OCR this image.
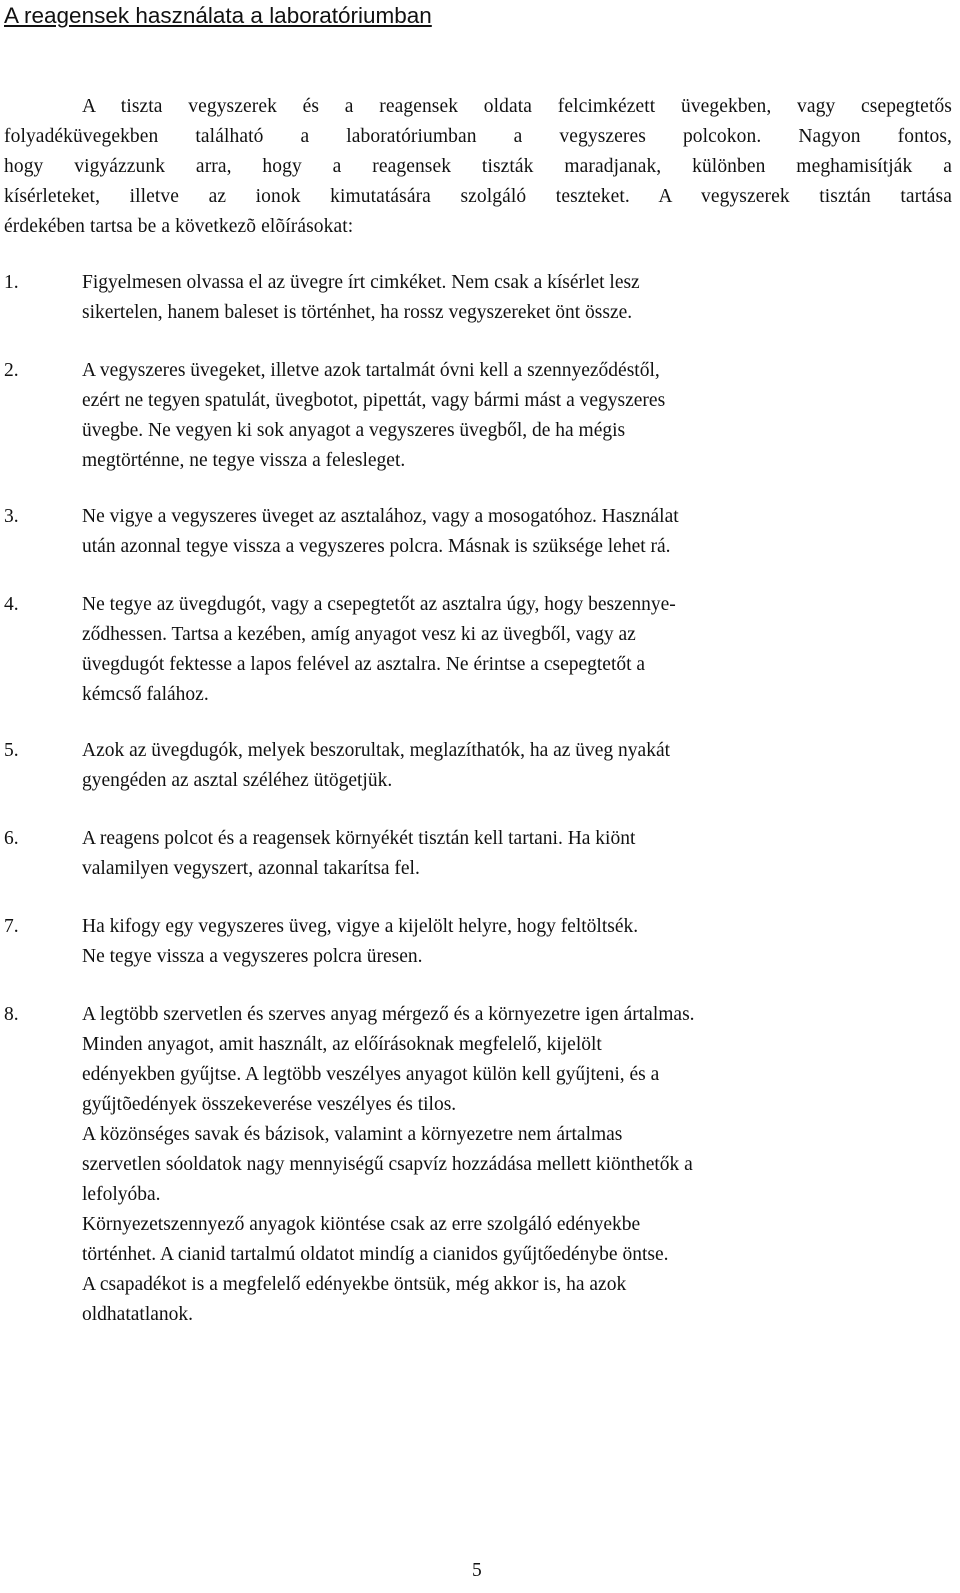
A reagensek használata a laboratóriumban

A tiszta vegyszerek és a reagensek oldata felcimkézett üvegekben, vagy csepegtetős
folyadéküvegekben található a laboratóriumban a vegyszeres polcokon. Nagyon fontos,
hogy vigyázzunk arra, hogy a reagensek tiszták maradjanak, különben meghamisítják a
kísérleteket, illetve az ionok kimutatására szolgáló teszteket. A vegyszerek tisztán tartása
érdekében tartsa be a következõ elõírásokat:

1.	Figyelmesen olvassa el az üvegre írt cimkéket. Nem csak a kísérlet lesz
sikertelen, hanem baleset is történhet, ha rossz vegyszereket önt össze.
2.	A vegyszeres üvegeket, illetve azok tartalmát óvni kell a szennyeződéstől,
ezért ne tegyen spatulát, üvegbotot, pipettát, vagy bármi mást a vegyszeres
üvegbe. Ne vegyen ki sok anyagot a vegyszeres üvegből, de ha mégis
megtörténne, ne tegye vissza a felesleget.
3.	Ne vigye a vegyszeres üveget az asztalához, vagy a mosogatóhoz. Használat
után azonnal tegye vissza a vegyszeres polcra. Másnak is szüksége lehet rá.
4.	Ne tegye az üvegdugót, vagy a csepegtetőt az asztalra úgy, hogy beszennye-
ződhessen. Tartsa a kezében, amíg anyagot vesz ki az üvegből, vagy az
üvegdugót fektesse a lapos felével az asztalra. Ne érintse a csepegtetőt a
kémcső falához.
5.	Azok az üvegdugók, melyek beszorultak, meglazíthatók, ha az üveg nyakát
gyengéden az asztal széléhez ütögetjük.
6.	A reagens polcot és a reagensek környékét tisztán kell tartani. Ha kiönt
valamilyen vegyszert, azonnal takarítsa fel.
7.	Ha kifogy egy vegyszeres üveg, vigye a kijelölt helyre, hogy feltöltsék.
Ne tegye vissza a vegyszeres polcra üresen.
8.	A legtöbb szervetlen és szerves anyag mérgező és a környezetre igen ártalmas.
Minden anyagot, amit használt, az előírásoknak megfelelő, kijelölt
edényekben gyűjtse. A legtöbb veszélyes anyagot külön kell gyűjteni, és a
gyűjtõedények összekeverése veszélyes és tilos.
A közönséges savak és bázisok, valamint a környezetre nem ártalmas
szervetlen sóoldatok nagy mennyiségű csapvíz hozzádása mellett kiönthetők a
lefolyóba.
Környezetszennyező anyagok kiöntése csak az erre szolgáló edényekbe
történhet. A cianid tartalmú oldatot mindíg a cianidos gyűjtőedénybe öntse.
A csapadékot is a megfelelő edényekbe öntsük, még akkor is, ha azok
oldhatatlanok.
5
